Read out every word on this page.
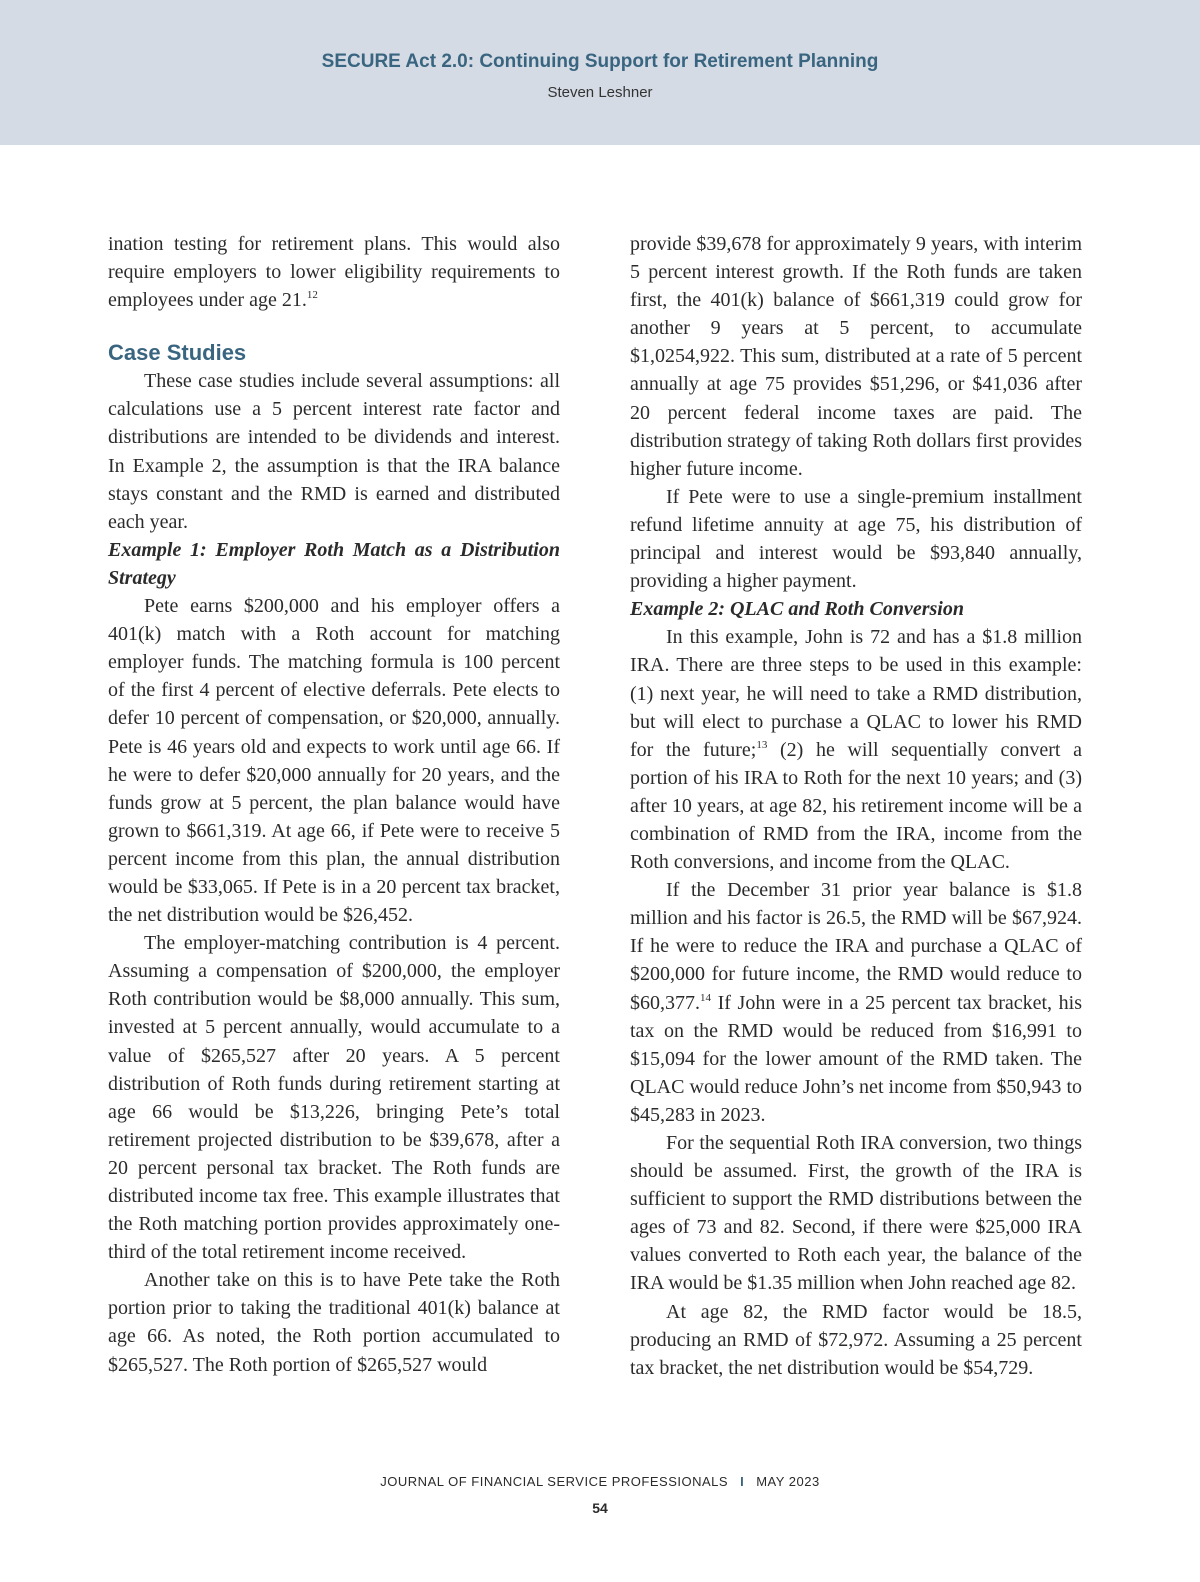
SECURE Act 2.0: Continuing Support for Retirement Planning
Steven Leshner

ination testing for retirement plans. This would also require employers to lower eligibility requirements to employees under age 21.12

Case Studies

These case studies include several assumptions: all calculations use a 5 percent interest rate factor and distributions are intended to be dividends and interest. In Example 2, the assumption is that the IRA balance stays constant and the RMD is earned and distributed each year.

Example 1: Employer Roth Match as a Distribution Strategy

Pete earns $200,000 and his employer offers a 401(k) match with a Roth account for matching employer funds. The matching formula is 100 percent of the first 4 percent of elective deferrals. Pete elects to defer 10 percent of compensation, or $20,000, annually. Pete is 46 years old and expects to work until age 66. If he were to defer $20,000 annually for 20 years, and the funds grow at 5 percent, the plan balance would have grown to $661,319. At age 66, if Pete were to receive 5 percent income from this plan, the annual distribution would be $33,065. If Pete is in a 20 percent tax bracket, the net distribution would be $26,452.

The employer-matching contribution is 4 percent. Assuming a compensation of $200,000, the employer Roth contribution would be $8,000 annually. This sum, invested at 5 percent annually, would accumulate to a value of $265,527 after 20 years. A 5 percent distribution of Roth funds during retirement starting at age 66 would be $13,226, bringing Pete’s total retirement projected distribution to be $39,678, after a 20 percent personal tax bracket. The Roth funds are distributed income tax free. This example illustrates that the Roth matching portion provides approximately one-third of the total retirement income received.

Another take on this is to have Pete take the Roth portion prior to taking the traditional 401(k) balance at age 66. As noted, the Roth portion accumulated to $265,527. The Roth portion of $265,527 would

provide $39,678 for approximately 9 years, with interim 5 percent interest growth. If the Roth funds are taken first, the 401(k) balance of $661,319 could grow for another 9 years at 5 percent, to accumulate $1,0254,922. This sum, distributed at a rate of 5 percent annually at age 75 provides $51,296, or $41,036 after 20 percent federal income taxes are paid. The distribution strategy of taking Roth dollars first provides higher future income.

If Pete were to use a single-premium installment refund lifetime annuity at age 75, his distribution of principal and interest would be $93,840 annually, providing a higher payment.

Example 2: QLAC and Roth Conversion

In this example, John is 72 and has a $1.8 million IRA. There are three steps to be used in this example: (1) next year, he will need to take a RMD distribution, but will elect to purchase a QLAC to lower his RMD for the future;$^{13}$ (2) he will sequentially convert a portion of his IRA to Roth for the next 10 years; and (3) after 10 years, at age 82, his retirement income will be a combination of RMD from the IRA, income from the Roth conversions, and income from the QLAC.

If the December 31 prior year balance is $1.8 million and his factor is 26.5, the RMD will be $67,924. If he were to reduce the IRA and purchase a QLAC of $200,000 for future income, the RMD would reduce to $60,377.14 If John were in a 25 percent tax bracket, his tax on the RMD would be reduced from $16,991 to $15,094 for the lower amount of the RMD taken. The QLAC would reduce John’s net income from $50,943 to $45,283 in 2023.

For the sequential Roth IRA conversion, two things should be assumed. First, the growth of the IRA is sufficient to support the RMD distributions between the ages of 73 and 82. Second, if there were $25,000 IRA values converted to Roth each year, the balance of the IRA would be $1.35 million when John reached age 82.

At age 82, the RMD factor would be 18.5, producing an RMD of $72,972. Assuming a 25 percent tax bracket, the net distribution would be $54,729.

JOURNAL OF FINANCIAL SERVICE PROFESSIONALS I MAY 2023
54
